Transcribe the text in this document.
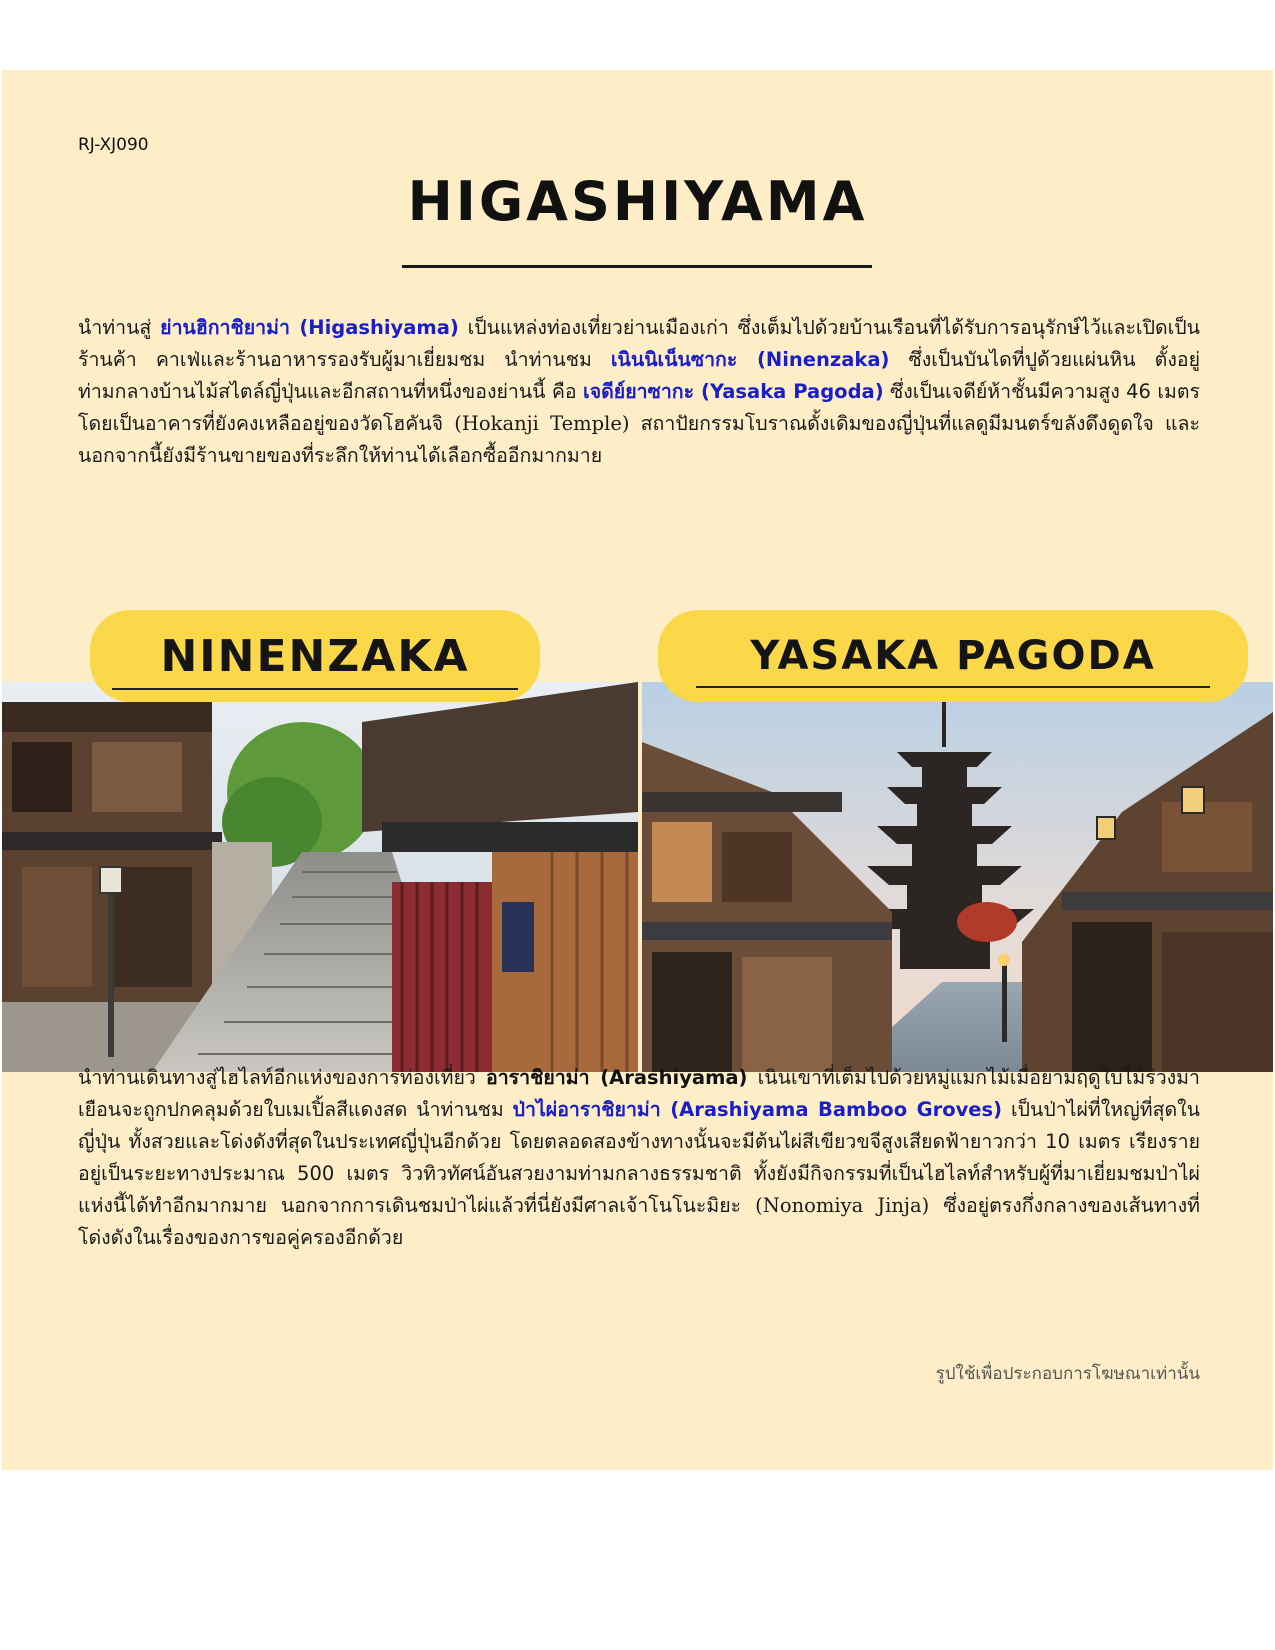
RJ-XJ090
HIGASHIYAMA
นำท่านสู่ ย่านฮิกาชิยาม่า (Higashiyama) เป็นแหล่งท่องเที่ยวย่านเมืองเก่า ซึ่งเต็มไปด้วยบ้านเรือนที่ได้รับการอนุรักษ์ไว้และเปิดเป็นร้านค้า คาเฟ่และร้านอาหารรองรับผู้มาเยี่ยมชม นำท่านชม เนินนิเน็นซากะ (Ninenzaka) ซึ่งเป็นบันไดที่ปูด้วยแผ่นหิน ตั้งอยู่ท่ามกลางบ้านไม้สไตล์ญี่ปุ่นและอีกสถานที่หนึ่งของย่านนี้ คือ เจดีย์ยาซากะ (Yasaka Pagoda) ซึ่งเป็นเจดีย์ห้าชั้นมีความสูง 46 เมตร โดยเป็นอาคารที่ยังคงเหลืออยู่ของวัดโฮคันจิ (Hokanji Temple) สถาปัยกรรมโบราณดั้งเดิมของญี่ปุ่นที่แลดูมีมนตร์ขลังดึงดูดใจ และนอกจากนี้ยังมีร้านขายของที่ระลึกให้ท่านได้เลือกซื้ออีกมากมาย
NINENZAKA	YASAKA PAGODA
นำท่านเดินทางสู่ไฮไลท์อีกแห่งของการท่องเที่ยว อาราชิยาม่า (Arashiyama) เนินเขาที่เต็มไปด้วยหมู่แมกไม้เมื่อยามฤดูใบไม้ร่วงมาเยือนจะถูกปกคลุมด้วยใบเมเปิ้ลสีแดงสด นำท่านชม ป่าไผ่อาราชิยาม่า (Arashiyama Bamboo Groves) เป็นป่าไผ่ที่ใหญ่ที่สุดในญี่ปุ่น ทั้งสวยและโด่งดังที่สุดในประเทศญี่ปุ่นอีกด้วย โดยตลอดสองข้างทางนั้นจะมีต้นไผ่สีเขียวขจีสูงเสียดฟ้ายาวกว่า 10 เมตร เรียงรายอยู่เป็นระยะทางประมาณ 500 เมตร วิวทิวทัศน์อันสวยงามท่ามกลางธรรมชาติ ทั้งยังมีกิจกรรมที่เป็นไฮไลท์สำหรับผู้ที่มาเยี่ยมชมป่าไผ่แห่งนี้ได้ทำอีกมากมาย นอกจากการเดินชมป่าไผ่แล้วที่นี่ยังมีศาลเจ้าโนโนะมิยะ (Nonomiya Jinja) ซึ่งอยู่ตรงกึ่งกลางของเส้นทางที่โด่งดังในเรื่องของการขอคู่ครองอีกด้วย
รูปใช้เพื่อประกอบการโฆษณาเท่านั้น
